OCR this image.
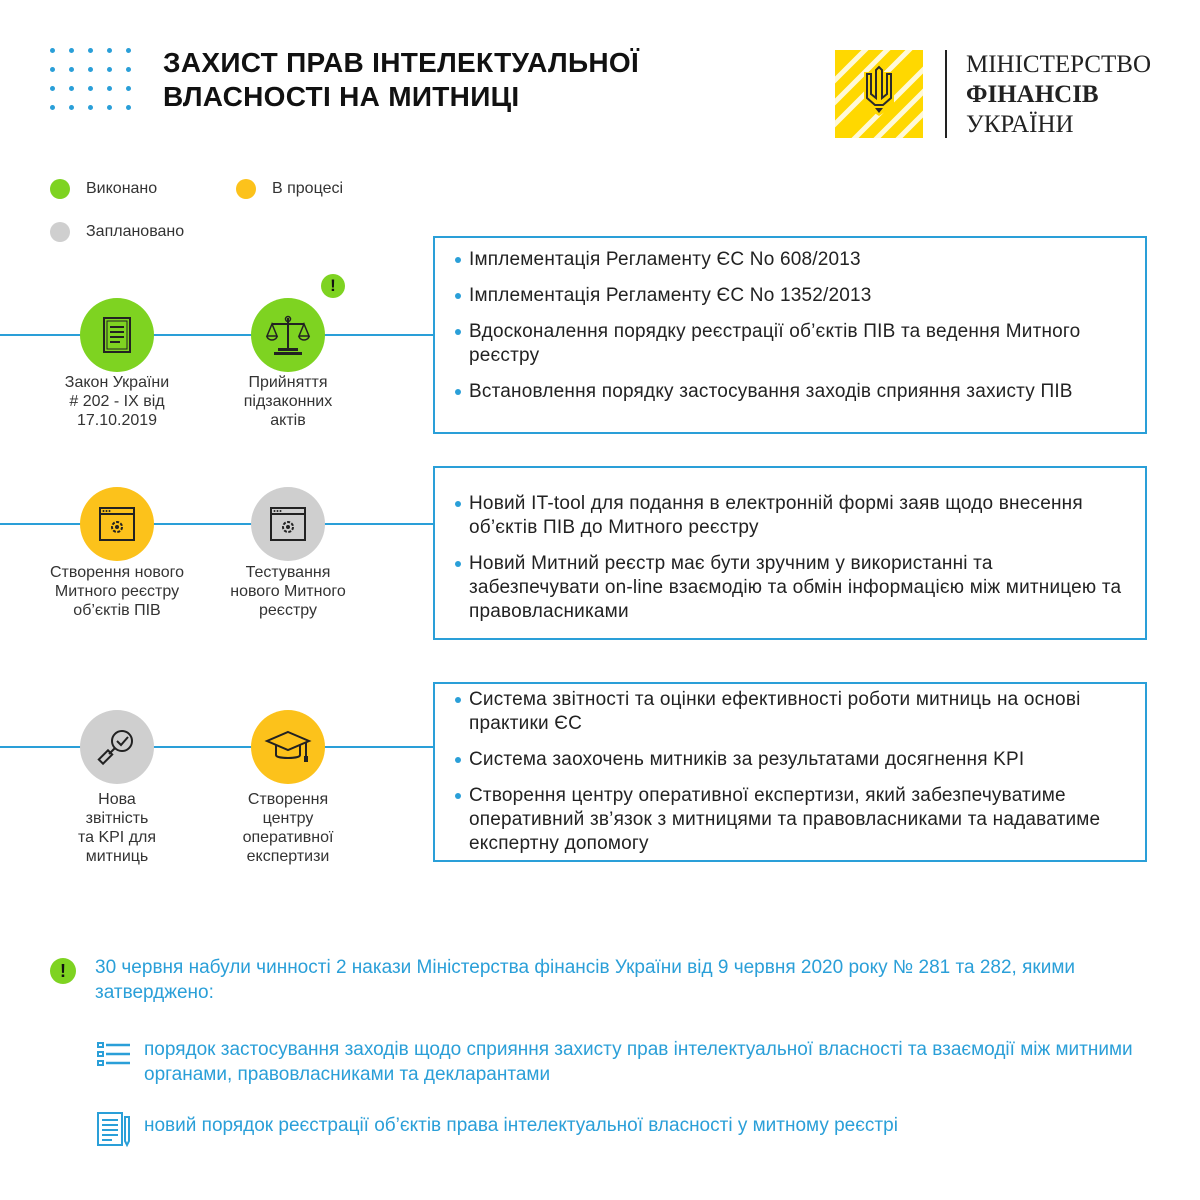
ЗАХИСТ ПРАВ ІНТЕЛЕКТУАЛЬНОЇ
ВЛАСНОСТІ НА МИТНИЦІ
МІНІСТЕРСТВО
ФІНАНСІВ
УКРАЇНИ
Виконано	В процесі
Заплановано
Закон України
# 202 - IX від
17.10.2019
!
Прийняття
підзаконних
актів
Імплементація Регламенту ЄС No 608/2013
Імплементація Регламенту ЄС No 1352/2013
Вдосконалення порядку реєстрації об’єктів ПІВ та ведення Митного реєстру
Встановлення порядку застосування заходів сприяння захисту ПІВ
Створення нового
Митного реєстру
об’єктів ПІВ
Тестування
нового Митного
реєстру
Новий IT-tool для подання в електронній формі заяв щодо внесення об’єктів ПІВ до Митного реєстру
Новий Митний реєстр має бути зручним у використанні та забезпечувати on-line взаємодію та обмін інформацією між митницею та правовласниками
Нова
звітність
та KPI для
митниць
Створення
центру
оперативної
експертизи
Система звітності та оцінки ефективності роботи митниць на основі практики ЄС
Система заохочень митників за результатами досягнення KPI
Створення центру оперативної експертизи, який забезпечуватиме оперативний зв’язок з митницями та правовласниками та надаватиме експертну допомогу
!	30 червня набули чинності 2 накази Міністерства фінансів України від 9 червня 2020 року № 281 та 282, якими затверджено:
порядок застосування заходів щодо сприяння захисту прав інтелектуальної власності та взаємодії між митними органами, правовласниками та декларантами
новий порядок реєстрації об’єктів права інтелектуальної власності у митному реєстрі
